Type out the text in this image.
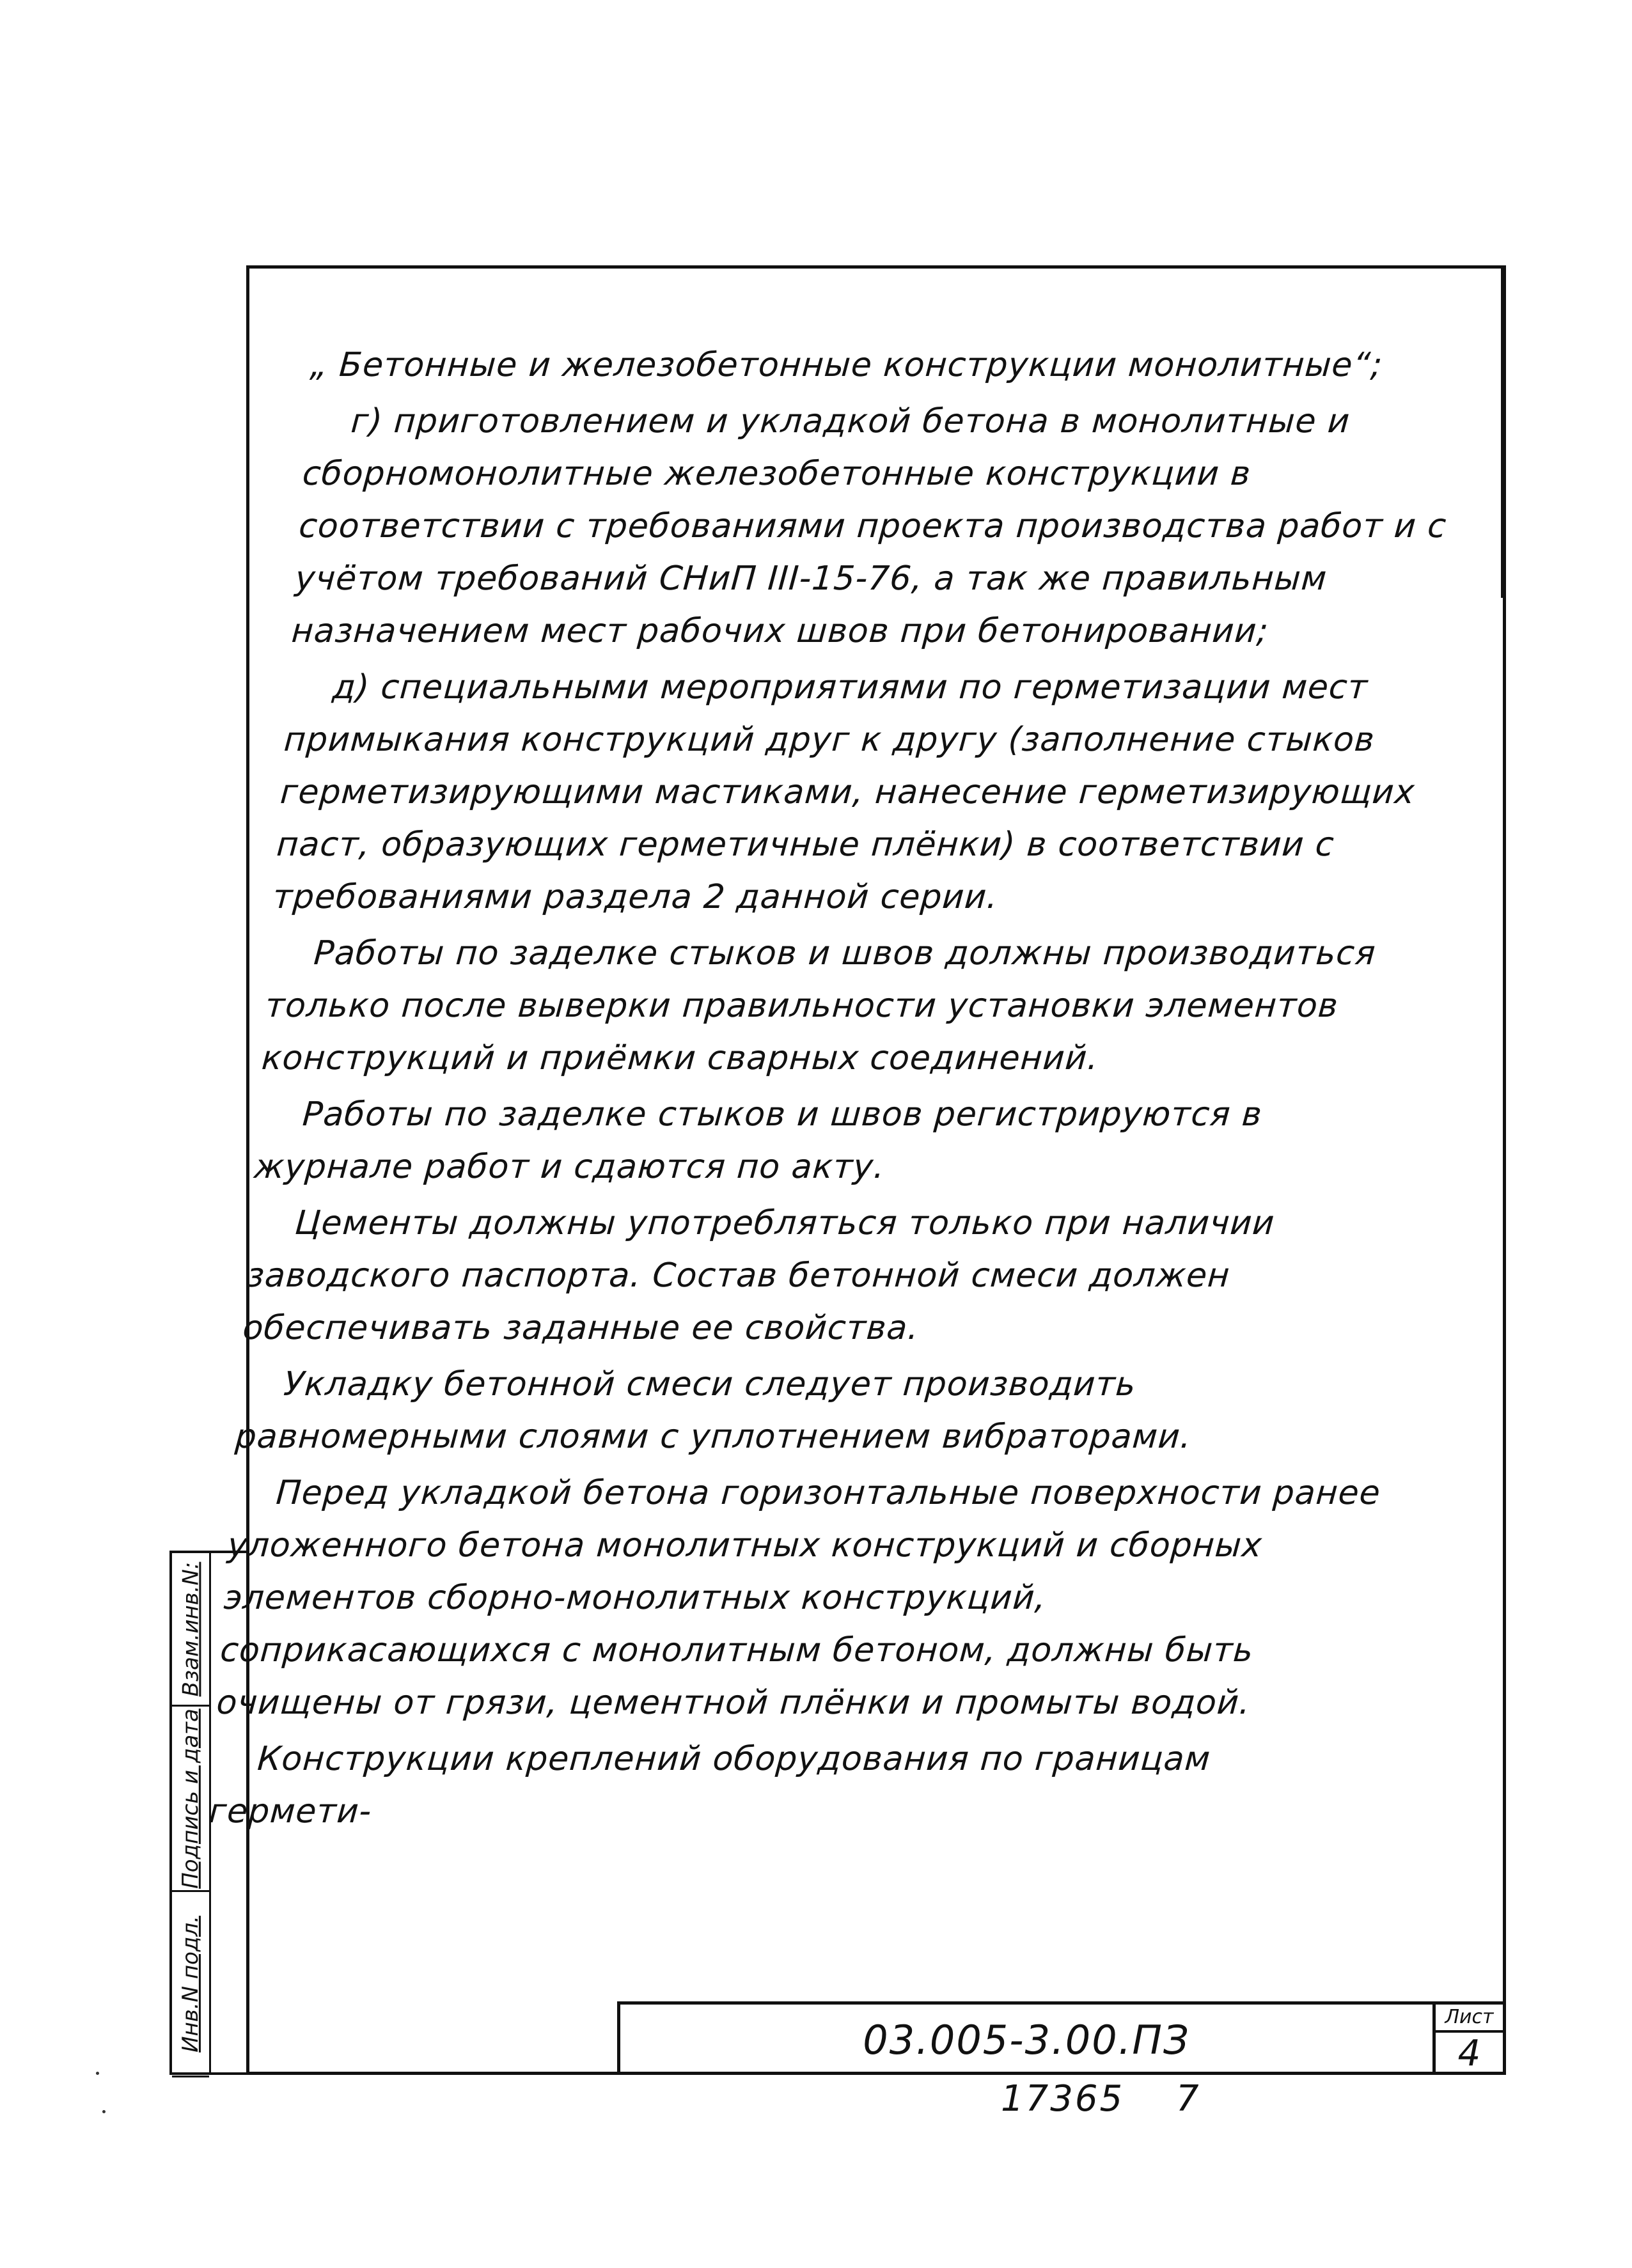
„ Бетонные и железобетонные конструкции монолитные“;

г) приготовлением и укладкой бетона в монолитные и сборномонолитные железобетонные конструкции в соответствии с требованиями проекта производства работ и с учётом требований СНиП III-15-76, а так же правильным назначением мест рабочих швов при бетонировании;

д) специальными мероприятиями по герметизации мест примыкания конструкций друг к другу (заполнение стыков герметизирующими мастиками, нанесение герметизирующих паст, образующих герметичные плёнки) в соответствии с требованиями раздела 2 данной серии.

Работы по заделке стыков и швов должны производиться только после выверки правильности установки элементов конструкций и приёмки сварных соединений.

Работы по заделке стыков и швов регистрируются в журнале работ и сдаются по акту.

Цементы должны употребляться только при наличии заводского паспорта. Состав бетонной смеси должен обеспечивать заданные ее свойства.

Укладку бетонной смеси следует производить равномерными слоями с уплотнением вибраторами.

Перед укладкой бетона горизонтальные поверхности ранее уложенного бетона монолитных конструкций и сборных элементов сборно-монолитных конструкций, соприкасающихся с монолитным бетоном, должны быть очищены от грязи, цементной плёнки и промыты водой.

Конструкции креплений оборудования по границам гермети-

Инв.N подл.
Подпись и дата
Взам.инв.N:
03.005-3.00.ПЗ	Лист
4
17365 7
